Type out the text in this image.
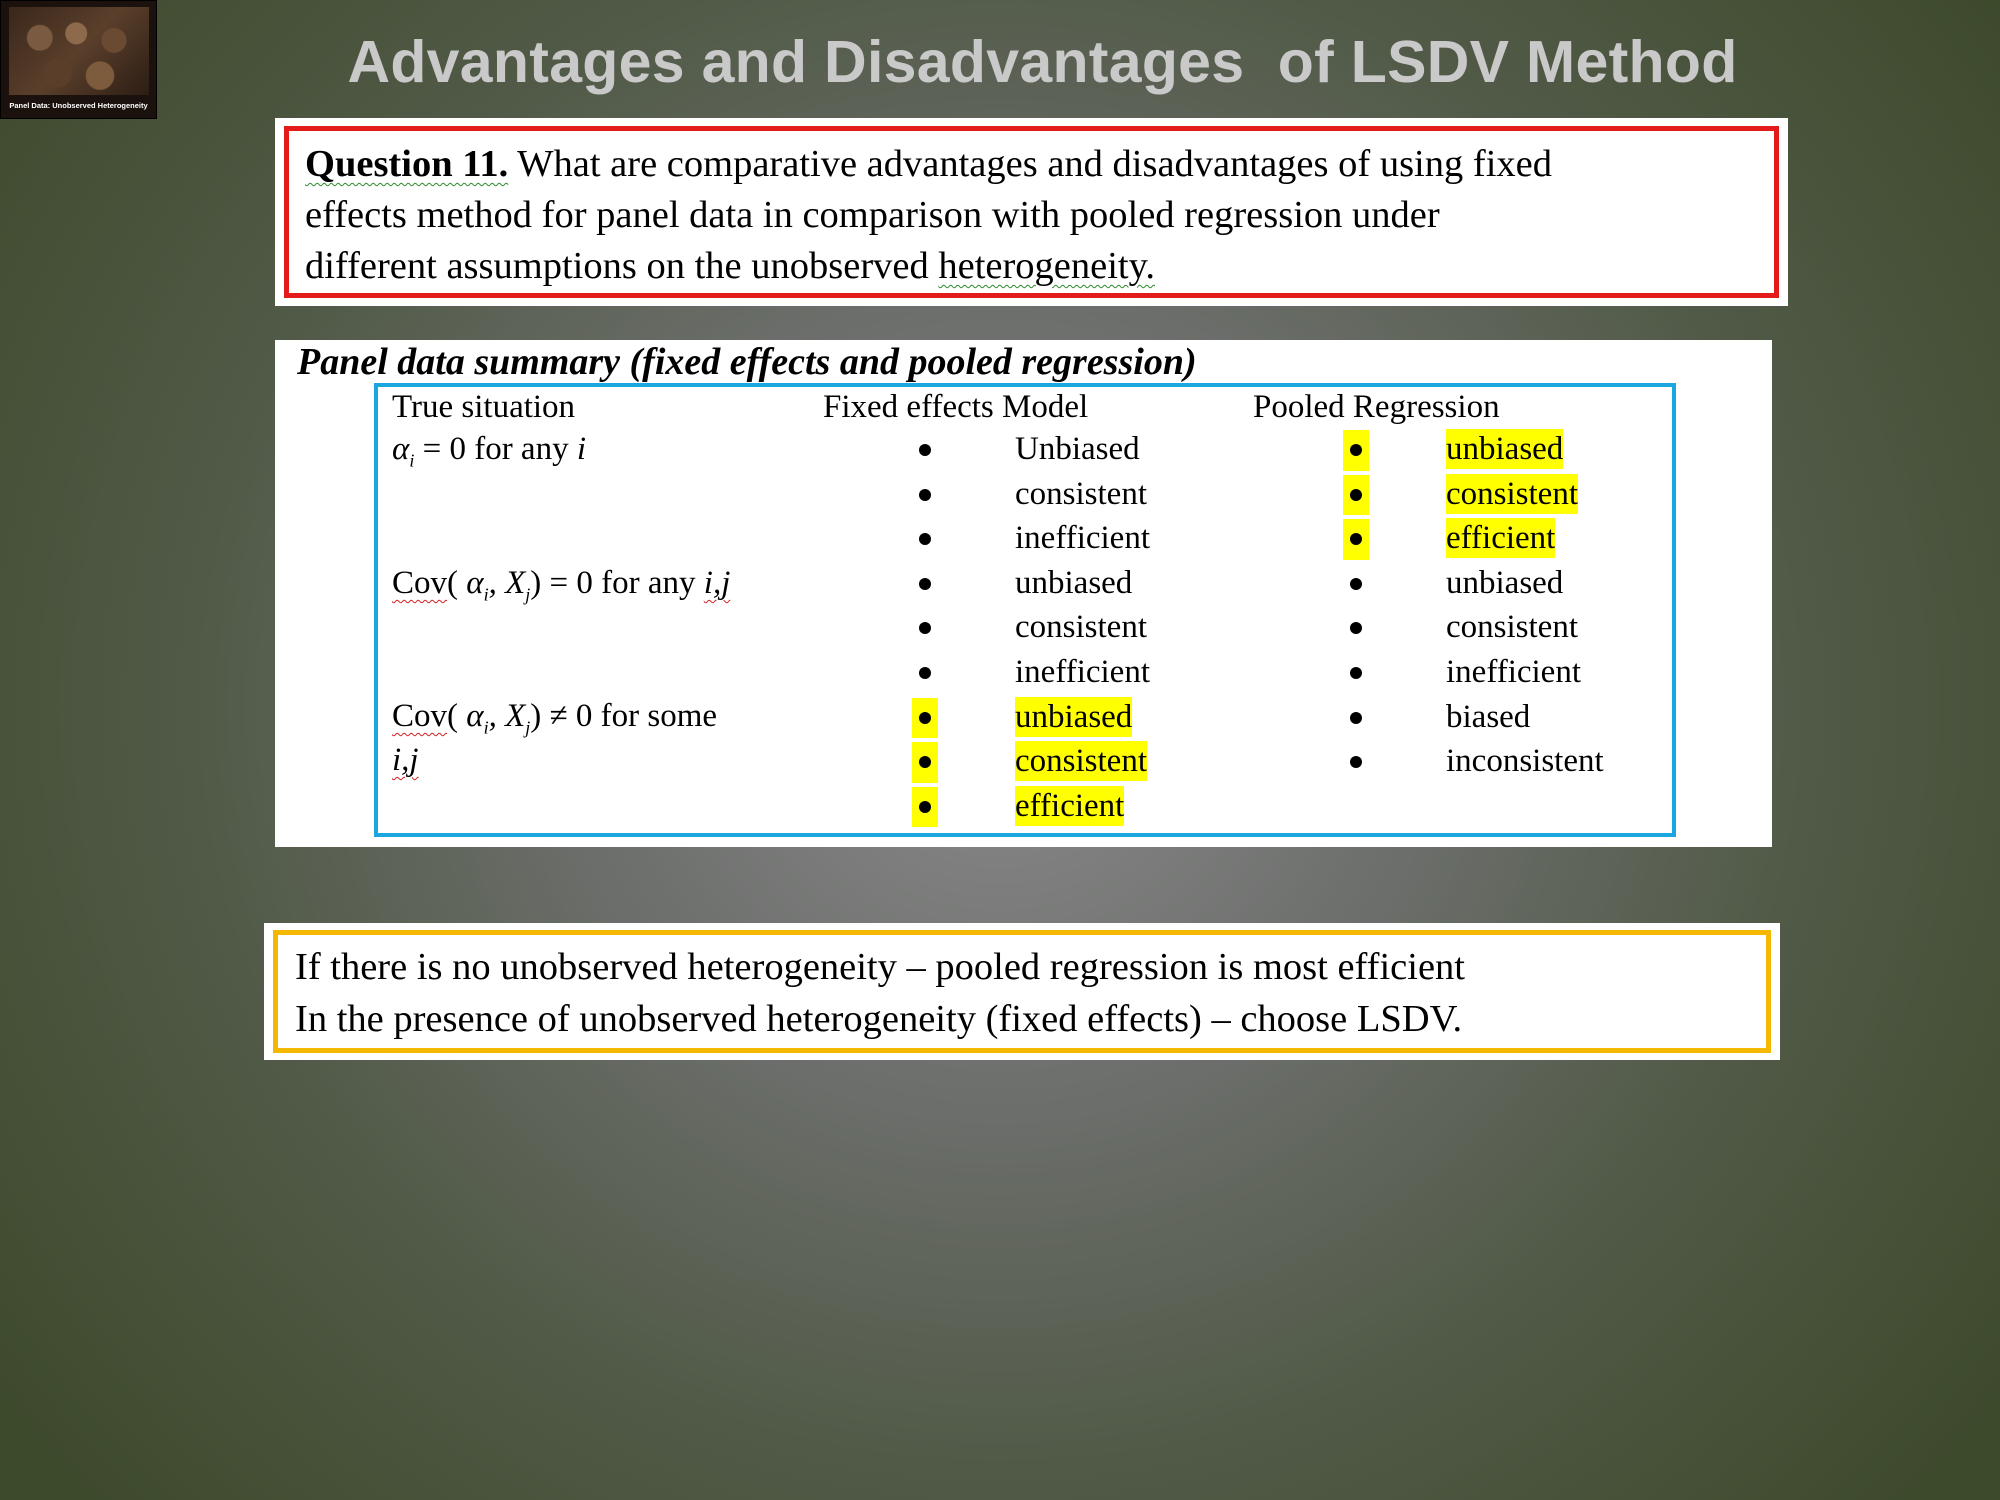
Panel Data: Unobserved Heterogeneity
Advantages and Disadvantages  of LSDV Method
Question 11. What are comparative advantages and disadvantages of using fixed
effects method for panel data in comparison with pooled regression under
different assumptions on the unobserved heterogeneity.
Panel data summary (fixed effects and pooled regression)
True situation	Fixed effects Model	Pooled Regression
$\alpha_i = 0$ for any i
Cov( $\alpha_i$, $X_j) = 0$ for any i,j
Cov( $\alpha_i$, $X_j) \ne 0$ for some
i,j
Unbiased
consistent
inefficient
unbiased
consistent
inefficient
unbiased
consistent
efficient
unbiased
consistent
efficient
unbiased
consistent
inefficient
biased
inconsistent
If there is no unobserved heterogeneity – pooled regression is most efficient
In the presence of unobserved heterogeneity (fixed effects) – choose LSDV.
